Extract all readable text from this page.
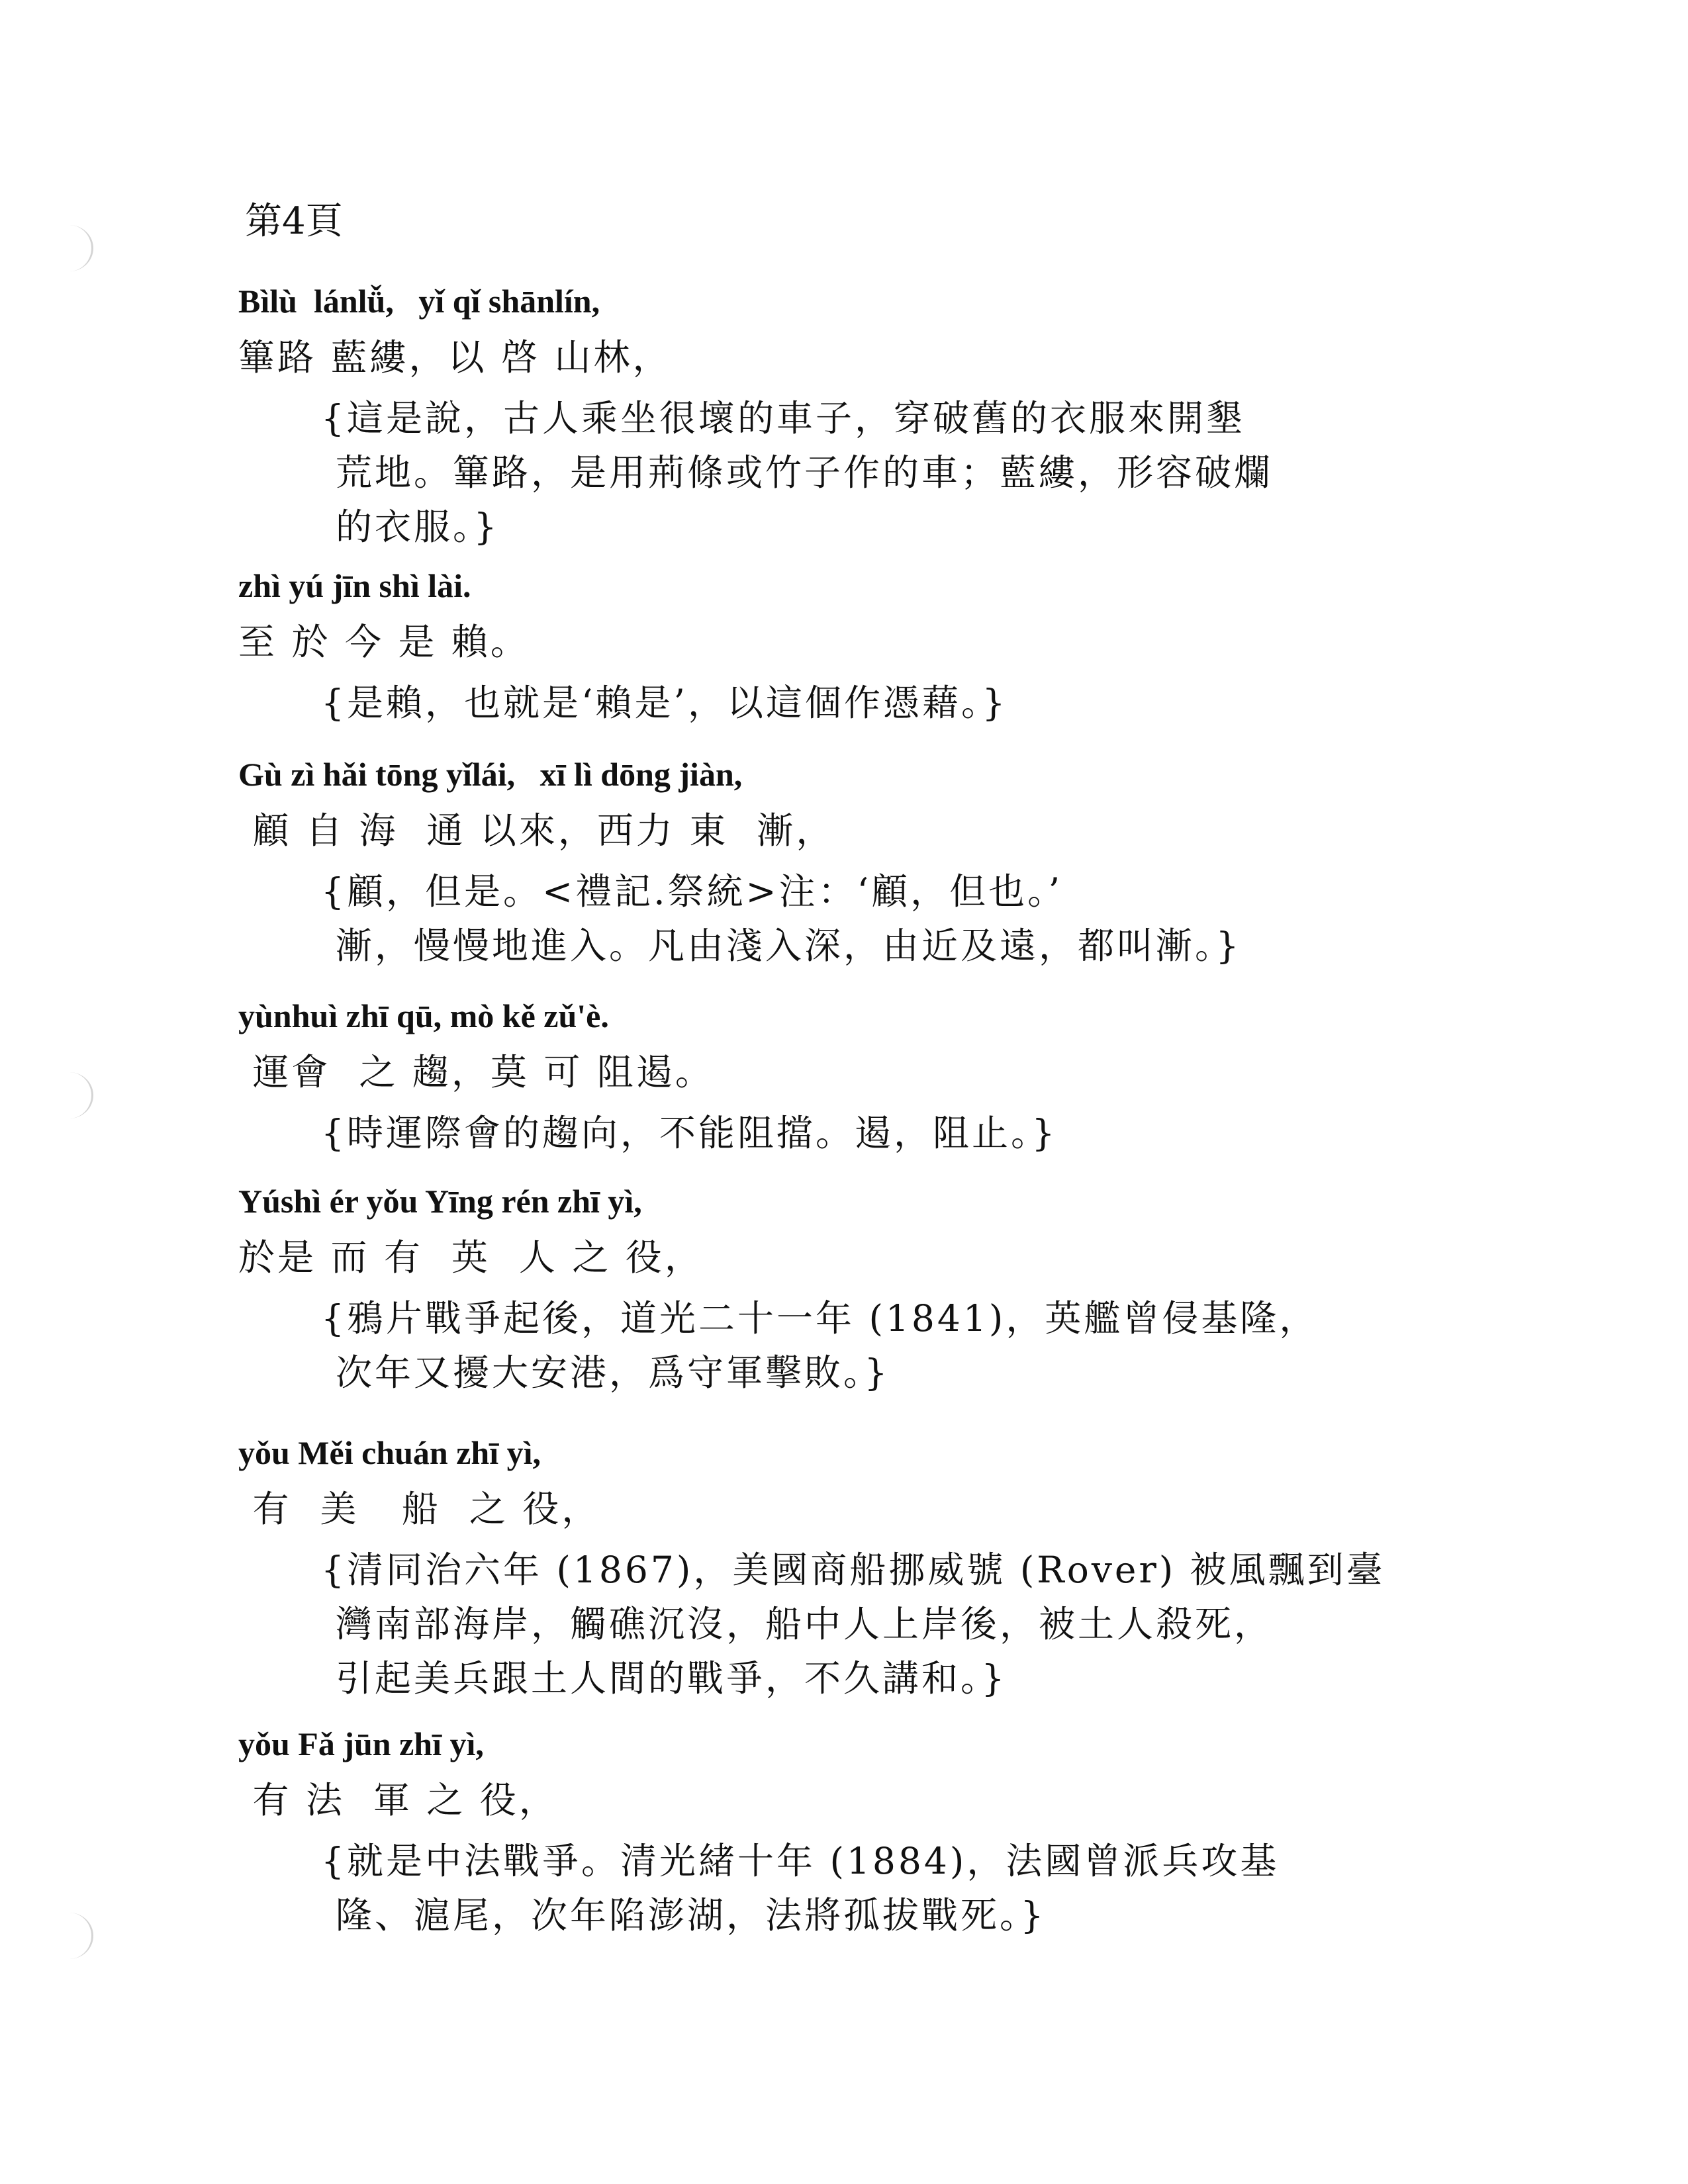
第4頁
Bìlù  lánlǚ,   yǐ qǐ shānlín,
篳路 藍縷，以 啓 山林，
{這是說，古人乘坐很壞的車子，穿破舊的衣服來開墾
荒地。篳路，是用荊條或竹子作的車；藍縷，形容破爛
的衣服。}
zhì yú jīn shì lài.
至 於 今 是 賴。
{是賴，也就是‘賴是’，以這個作憑藉。}
Gù zì hǎi tōng yǐlái,   xī lì dōng jiàn,
顧 自 海  通 以來，西力 東  漸，
{顧，但是。<禮記.祭統>注：‘顧，但也。’
漸，慢慢地進入。凡由淺入深，由近及遠，都叫漸。}
yùnhuì zhī qū, mò kě zǔ'è.
運會  之 趨，莫 可 阻遏。
{時運際會的趨向，不能阻擋。遏，阻止。}
Yúshì ér yǒu Yīng rén zhī yì,
於是 而 有  英  人 之 役，
{鴉片戰爭起後，道光二十一年 (1841)，英艦曾侵基隆，
次年又擾大安港，爲守軍擊敗。}
yǒu Měi chuán zhī yì,
有  美   船  之 役，
{清同治六年 (1867)，美國商船挪威號 (Rover) 被風飄到臺
灣南部海岸，觸礁沉沒，船中人上岸後，被土人殺死，
引起美兵跟土人間的戰爭，不久講和。}
yǒu Fǎ jūn zhī yì,
有 法  軍 之 役，
{就是中法戰爭。清光緒十年 (1884)，法國曾派兵攻基
隆、滬尾，次年陷澎湖，法將孤拔戰死。}
